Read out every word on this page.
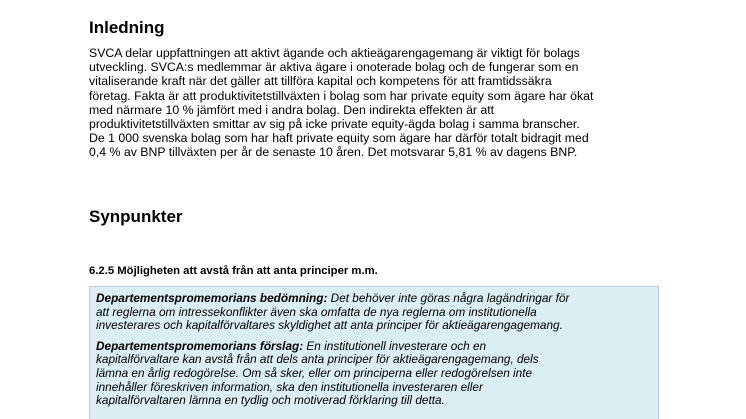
Inledning

SVCA delar uppfattningen att aktivt ägande och aktieägarengagemang är viktigt för bolags
utveckling. SVCA:s medlemmar är aktiva ägare i onoterade bolag och de fungerar som en
vitaliserande kraft när det gäller att tillföra kapital och kompetens för att framtidssäkra
företag. Fakta är att produktivitetstillväxten i bolag som har private equity som ägare har ökat
med närmare 10 % jämfört med i andra bolag. Den indirekta effekten är att
produktivitetstillväxten smittar av sig på icke private equity-ägda bolag i samma branscher.
De 1 000 svenska bolag som har haft private equity som ägare har därför totalt bidragit med
0,4 % av BNP tillväxten per år de senaste 10 åren. Det motsvarar 5,81 % av dagens BNP.

Synpunkter
6.2.5 Möjligheten att avstå från att anta principer m.m.

Departementspromemorians bedömning: Det behöver inte göras några lagändringar för
att reglerna om intressekonflikter även ska omfatta de nya reglerna om institutionella
investerares och kapitalförvaltares skyldighet att anta principer för aktieägarengagemang.

Departementspromemorians förslag: En institutionell investerare och en
kapitalförvaltare kan avstå från att dels anta principer för aktieägarengagemang, dels
lämna en årlig redogörelse. Om så sker, eller om principerna eller redogörelsen inte
innehåller föreskriven information, ska den institutionella investeraren eller
kapitalförvaltaren lämna en tydlig och motiverad förklaring till detta.
